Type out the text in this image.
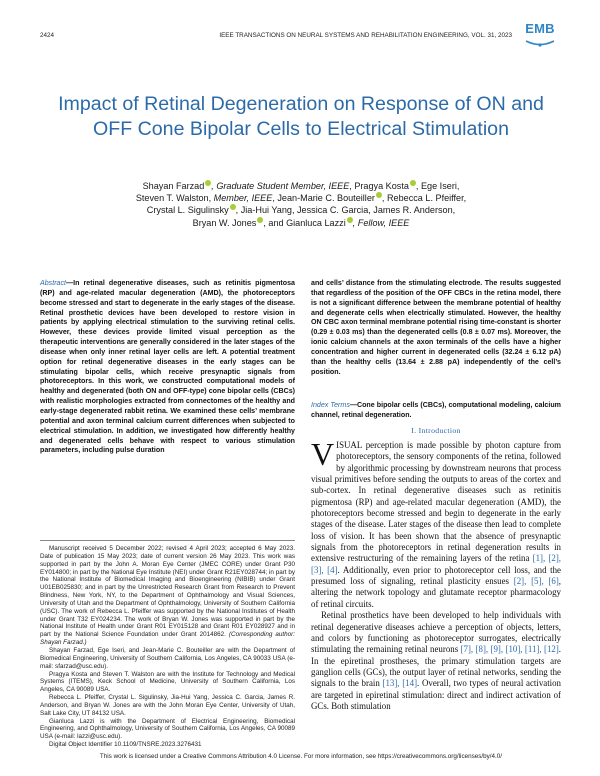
2424	IEEE TRANSACTIONS ON NEURAL SYSTEMS AND REHABILITATION ENGINEERING, VOL. 31, 2023	EMB
Impact of Retinal Degeneration on Response of ON and OFF Cone Bipolar Cells to Electrical Stimulation
Shayan Farzad , Graduate Student Member, IEEE, Pragya Kosta , Ege Iseri,
Steven T. Walston, Member, IEEE, Jean-Marie C. Bouteiller , Rebecca L. Pfeiffer,
Crystal L. Sigulinsky , Jia-Hui Yang, Jessica C. Garcia, James R. Anderson,
Bryan W. Jones , and Gianluca Lazzi , Fellow, IEEE
Abstract—In retinal degenerative diseases, such as retinitis pigmentosa (RP) and age-related macular degeneration (AMD), the photoreceptors become stressed and start to degenerate in the early stages of the disease. Retinal prosthetic devices have been developed to restore vision in patients by applying electrical stimulation to the surviving retinal cells. However, these devices provide limited visual perception as the therapeutic interventions are generally considered in the later stages of the disease when only inner retinal layer cells are left. A potential treatment option for retinal degenerative diseases in the early stages can be stimulating bipolar cells, which receive presynaptic signals from photoreceptors. In this work, we constructed computational models of healthy and degenerated (both ON and OFF-type) cone bipolar cells (CBCs) with realistic morphologies extracted from connectomes of the healthy and early-stage degenerated rabbit retina. We examined these cells’ membrane potential and axon terminal calcium current differences when subjected to electrical stimulation. In addition, we investigated how differently healthy and degenerated cells behave with respect to various stimulation parameters, including pulse duration
and cells’ distance from the stimulating electrode. The results suggested that regardless of the position of the OFF CBCs in the retina model, there is not a significant difference between the membrane potential of healthy and degenerate cells when electrically stimulated. However, the healthy ON CBC axon terminal membrane potential rising time-constant is shorter (0.29 ± 0.03 ms) than the degenerated cells (0.8 ± 0.07 ms). Moreover, the ionic calcium channels at the axon terminals of the cells have a higher concentration and higher current in degenerated cells (32.24 ± 6.12 pA) than the healthy cells (13.64 ± 2.88 pA) independently of the cell’s position.
Index Terms—Cone bipolar cells (CBCs), computational modeling, calcium channel, retinal degeneration.

Manuscript received 5 December 2022; revised 4 April 2023; accepted 6 May 2023. Date of publication 15 May 2023; date of current version 26 May 2023. This work was supported in part by the John A. Moran Eye Center (JMEC CORE) under Grant P30 EY014800; in part by the National Eye Institute (NEI) under Grant R21EY028744; in part by the National Institute of Biomedical Imaging and Bioengineering (NIBIB) under Grant U01EB025830; and in part by the Unrestricted Research Grant from Research to Prevent Blindness, New York, NY, to the Department of Ophthalmology and Visual Sciences, University of Utah and the Department of Ophthalmology, University of Southern California (USC). The work of Rebecca L. Pfeiffer was supported by the National Institutes of Health under Grant T32 EY024234. The work of Bryan W. Jones was supported in part by the National Institute of Health under Grant R01 EY015128 and Grant R01 EY028927 and in part by the National Science Foundation under Grant 2014862. (Corresponding author: Shayan Farzad.)

Shayan Farzad, Ege Iseri, and Jean-Marie C. Bouteiller are with the Department of Biomedical Engineering, University of Southern California, Los Angeles, CA 90033 USA (e-mail: sfarzad@usc.edu).

Pragya Kosta and Steven T. Walston are with the Institute for Technology and Medical Systems (ITEMS), Keck School of Medicine, University of Southern California, Los Angeles, CA 90089 USA.

Rebecca L. Pfeiffer, Crystal L. Sigulinsky, Jia-Hui Yang, Jessica C. Garcia, James R. Anderson, and Bryan W. Jones are with the John Moran Eye Center, University of Utah, Salt Lake City, UT 84132 USA.

Gianluca Lazzi is with the Department of Electrical Engineering, Biomedical Engineering, and Ophthalmology, University of Southern California, Los Angeles, CA 90089 USA (e-mail: lazzi@usc.edu).

Digital Object Identifier 10.1109/TNSRE.2023.3276431

I. Introduction

VISUAL perception is made possible by photon capture from photoreceptors, the sensory components of the retina, followed by algorithmic processing by downstream neurons that process visual primitives before sending the outputs to areas of the cortex and sub-cortex. In retinal degenerative diseases such as retinitis pigmentosa (RP) and age-related macular degeneration (AMD), the photoreceptors become stressed and begin to degenerate in the early stages of the disease. Later stages of the disease then lead to complete loss of vision. It has been shown that the absence of presynaptic signals from the photoreceptors in retinal degeneration results in extensive restructuring of the remaining layers of the retina [1], [2], [3], [4]. Additionally, even prior to photoreceptor cell loss, and the presumed loss of signaling, retinal plasticity ensues [2], [5], [6], altering the network topology and glutamate receptor pharmacology of retinal circuits.

Retinal prosthetics have been developed to help individuals with retinal degenerative diseases achieve a perception of objects, letters, and colors by functioning as photoreceptor surrogates, electrically stimulating the remaining retinal neurons [7], [8], [9], [10], [11], [12]. In the epiretinal prostheses, the primary stimulation targets are ganglion cells (GCs), the output layer of retinal networks, sending the signals to the brain [13], [14]. Overall, two types of neural activation are targeted in epiretinal stimulation: direct and indirect activation of GCs. Both stimulation

This work is licensed under a Creative Commons Attribution 4.0 License. For more information, see https://creativecommons.org/licenses/by/4.0/
